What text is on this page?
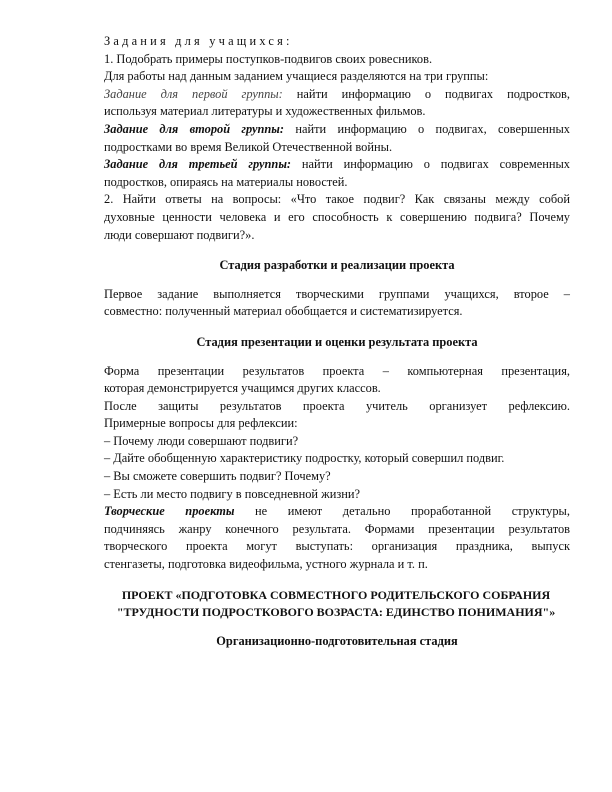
Задания для учащихся:
1. Подобрать примеры поступков-подвигов своих ровесников.
Для работы над данным заданием учащиеся разделяются на три группы:
Задание для первой группы: найти информацию о подвигах подростков,
используя материал литературы и художественных фильмов.
Задание для второй группы: найти информацию о подвигах, совершенных
подростками во время Великой Отечественной войны.
Задание для третьей группы: найти информацию о подвигах современных
подростков, опираясь на материалы новостей.
2. Найти ответы на вопросы: «Что такое подвиг? Как связаны между собой
духовные ценности человека и его способность к совершению подвига? Почему
люди совершают подвиги?».
Стадия разработки и реализации проекта
Первое задание выполняется творческими группами учащихся, второе –
совместно: полученный материал обобщается и систематизируется.
Стадия презентации и оценки результата проекта
Форма презентации результатов проекта – компьютерная презентация,
которая демонстрируется учащимся других классов.
После защиты результатов проекта учитель организует рефлексию.
Примерные вопросы для рефлексии:
– Почему люди совершают подвиги?
– Дайте обобщенную характеристику подростку, который совершил подвиг.
– Вы сможете совершить подвиг? Почему?
– Есть ли место подвигу в повседневной жизни?
Творческие проекты не имеют детально проработанной структуры,
подчиняясь жанру конечного результата. Формами презентации результатов
творческого проекта могут выступать: организация праздника, выпуск
стенгазеты, подготовка видеофильма, устного журнала и т. п.
ПРОЕКТ «ПОДГОТОВКА СОВМЕСТНОГО РОДИТЕЛЬСКОГО СОБРАНИЯ
"ТРУДНОСТИ ПОДРОСТКОВОГО ВОЗРАСТА: ЕДИНСТВО ПОНИМАНИЯ"»
Организационно-подготовительная стадия
